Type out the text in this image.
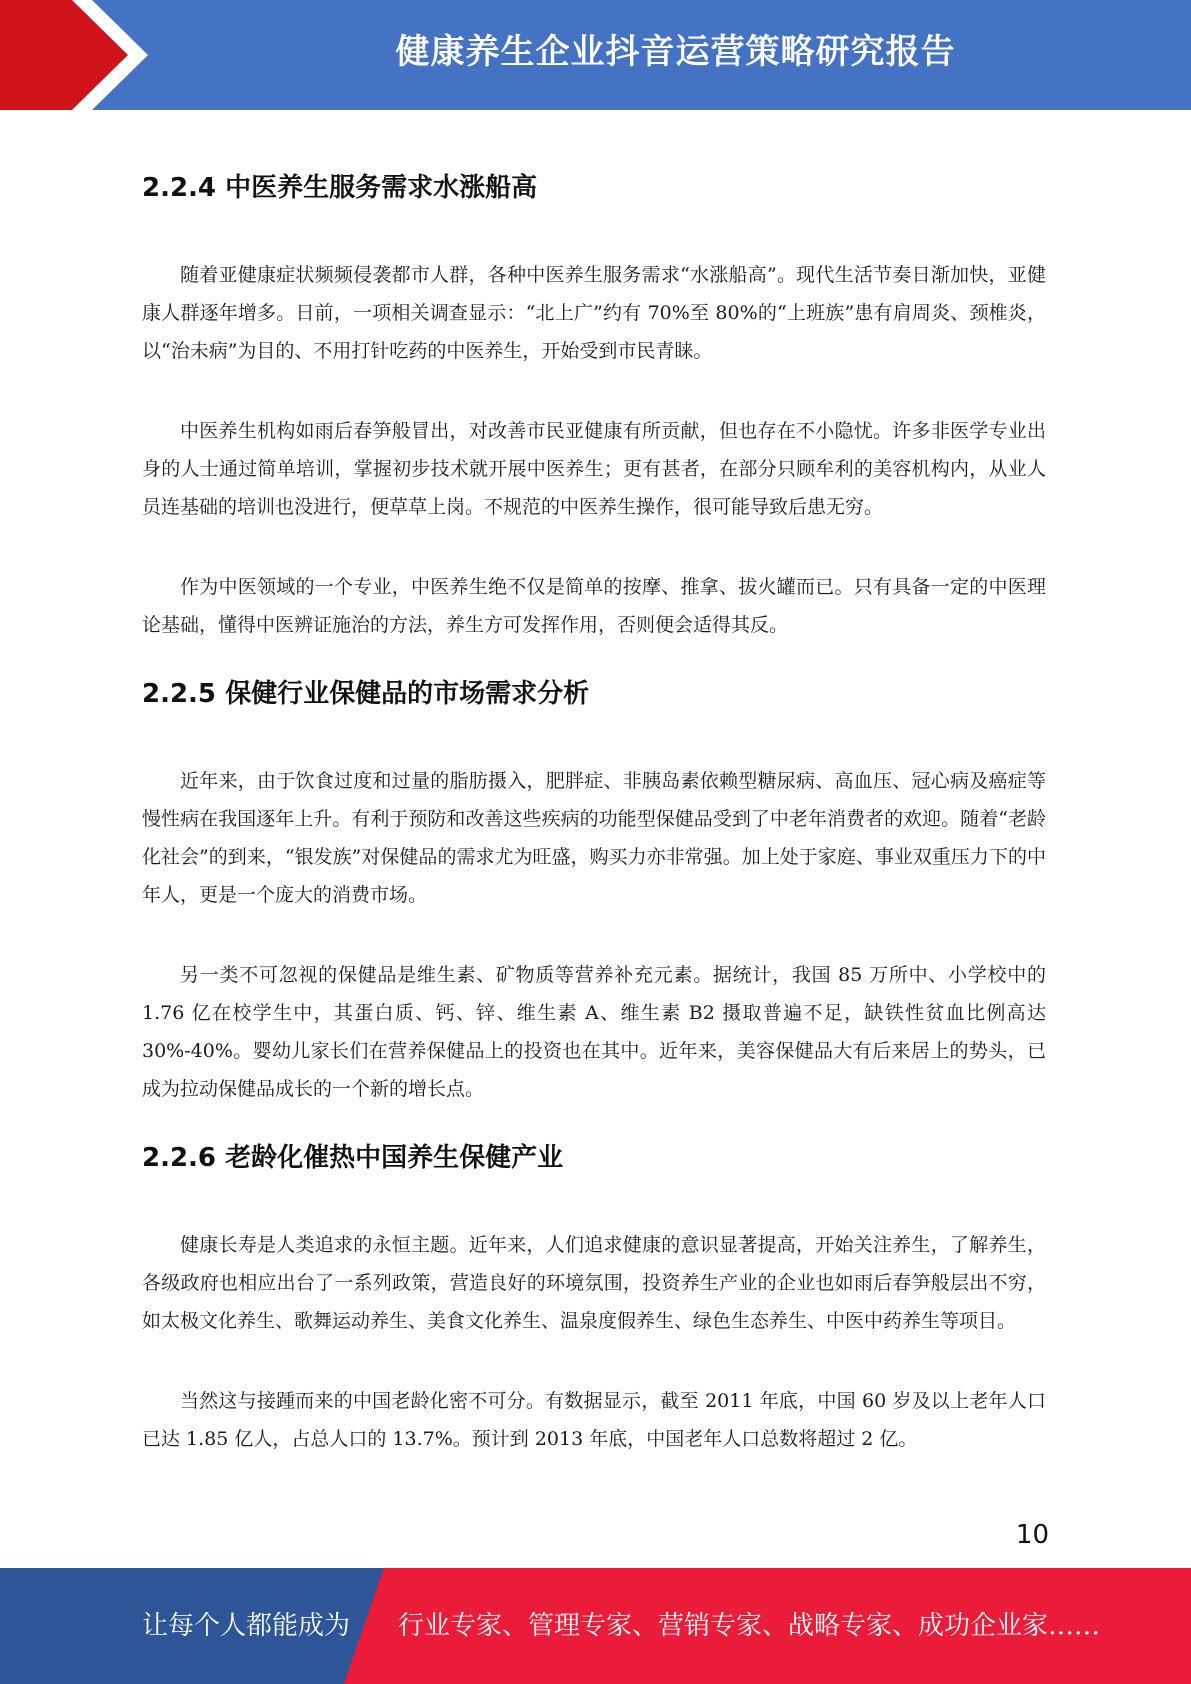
健康养生企业抖音运营策略研究报告
2.2.4 中医养生服务需求水涨船高

随着亚健康症状频频侵袭都市人群，各种中医养生服务需求“水涨船高”。现代生活节奏日渐加快，亚健康人群逐年增多。日前，一项相关调查显示：“北上广”约有 70%至 80%的“上班族”患有肩周炎、颈椎炎，以“治未病”为目的、不用打针吃药的中医养生，开始受到市民青睐。

中医养生机构如雨后春笋般冒出，对改善市民亚健康有所贡献，但也存在不小隐忧。许多非医学专业出身的人士通过简单培训，掌握初步技术就开展中医养生；更有甚者，在部分只顾牟利的美容机构内，从业人员连基础的培训也没进行，便草草上岗。不规范的中医养生操作，很可能导致后患无穷。

作为中医领域的一个专业，中医养生绝不仅是简单的按摩、推拿、拔火罐而已。只有具备一定的中医理论基础，懂得中医辨证施治的方法，养生方可发挥作用，否则便会适得其反。

2.2.5 保健行业保健品的市场需求分析

近年来，由于饮食过度和过量的脂肪摄入，肥胖症、非胰岛素依赖型糖尿病、高血压、冠心病及癌症等慢性病在我国逐年上升。有利于预防和改善这些疾病的功能型保健品受到了中老年消费者的欢迎。随着“老龄化社会”的到来，“银发族”对保健品的需求尤为旺盛，购买力亦非常强。加上处于家庭、事业双重压力下的中年人，更是一个庞大的消费市场。

另一类不可忽视的保健品是维生素、矿物质等营养补充元素。据统计，我国 85 万所中、小学校中的 1.76 亿在校学生中，其蛋白质、钙、锌、维生素 A、维生素 B2 摄取普遍不足，缺铁性贫血比例高达 30%-40%。婴幼儿家长们在营养保健品上的投资也在其中。近年来，美容保健品大有后来居上的势头，已成为拉动保健品成长的一个新的增长点。

2.2.6 老龄化催热中国养生保健产业

健康长寿是人类追求的永恒主题。近年来，人们追求健康的意识显著提高，开始关注养生，了解养生，各级政府也相应出台了一系列政策，营造良好的环境氛围，投资养生产业的企业也如雨后春笋般层出不穷，如太极文化养生、歌舞运动养生、美食文化养生、温泉度假养生、绿色生态养生、中医中药养生等项目。

当然这与接踵而来的中国老龄化密不可分。有数据显示，截至 2011 年底，中国 60 岁及以上老年人口已达 1.85 亿人，占总人口的 13.7%。预计到 2013 年底，中国老年人口总数将超过 2 亿。

10
让每个人都能成为 行业专家、管理专家、营销专家、战略专家、成功企业家……
